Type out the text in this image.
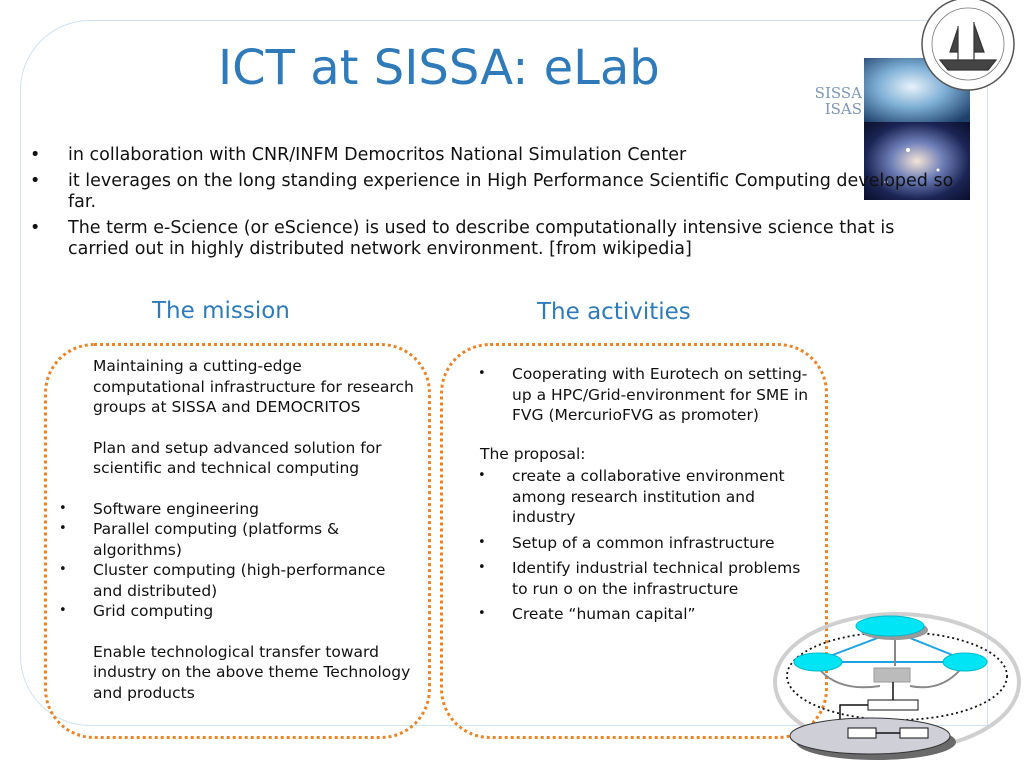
ICT at SISSA: eLab	SISSA
ISAS
• in collaboration with CNR/INFM Democritos National Simulation Center
• it leverages on the long standing experience in High Performance Scientific Computing developed so far.
• The term e-Science (or eScience) is used to describe computationally intensive science that is carried out in highly distributed network environment. [from wikipedia]
The mission	The activities

Maintaining a cutting-edge computational infrastructure for research groups at SISSA and DEMOCRITOS

Plan and setup advanced solution for scientific and technical computing

• Software engineering
• Parallel computing (platforms & algorithms)
• Cluster computing (high-performance and distributed)
• Grid computing

Enable technological transfer toward industry on the above theme Technology and products

• Cooperating with Eurotech on setting-up a HPC/Grid-environment for SME in FVG (MercurioFVG as promoter)

The proposal:

• create a collaborative environment among research institution and industry
• Setup of a common infrastructure
• Identify industrial technical problems to run o on the infrastructure
• Create “human capital”
